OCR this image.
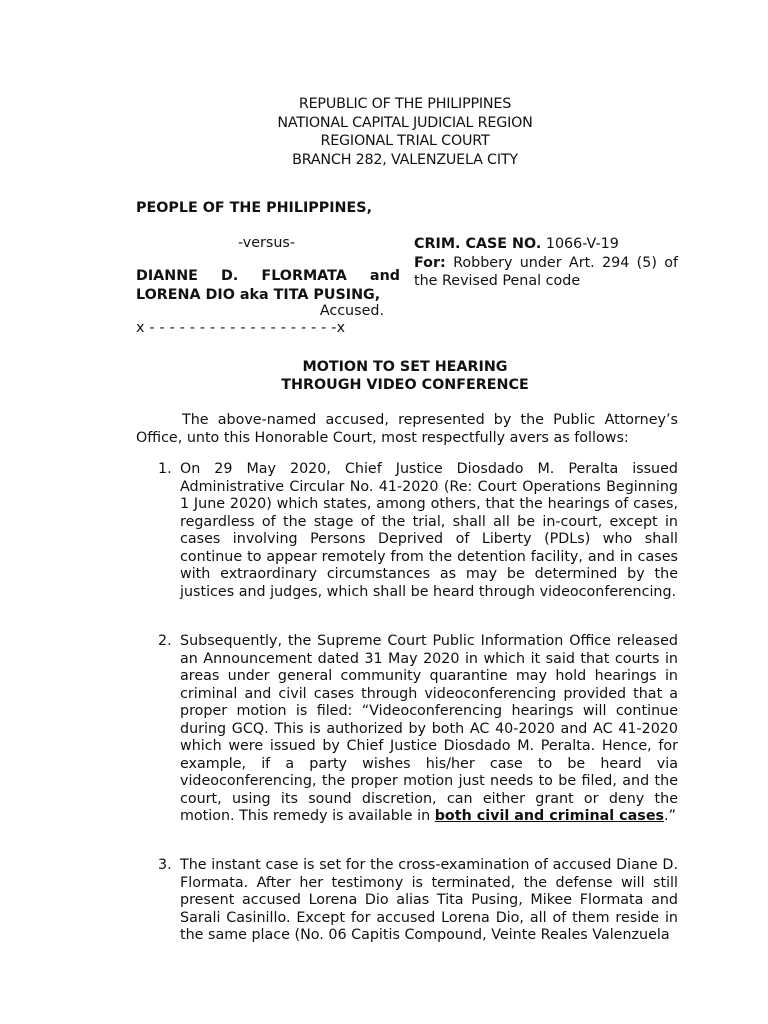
REPUBLIC OF THE PHILIPPINES
NATIONAL CAPITAL JUDICIAL REGION
REGIONAL TRIAL COURT
BRANCH 282, VALENZUELA CITY
PEOPLE OF THE PHILIPPINES,
-versus-
DIANNE D. FLORMATA and
LORENA DIO aka TITA PUSING,
Accused.
x - - - - - - - - - - - - - - - - - - -x
CRIM. CASE NO. 1066-V-19
For: Robbery under Art. 294 (5) of the Revised Penal code
MOTION TO SET HEARING
THROUGH VIDEO CONFERENCE
The above-named accused, represented by the Public Attorney’s Office, unto this Honorable Court, most respectfully avers as follows:
1. On 29 May 2020, Chief Justice Diosdado M. Peralta issued Administrative Circular No. 41-2020 (Re: Court Operations Beginning 1 June 2020) which states, among others, that the hearings of cases, regardless of the stage of the trial, shall all be in-court, except in cases involving Persons Deprived of Liberty (PDLs) who shall continue to appear remotely from the detention facility, and in cases with extraordinary circumstances as may be determined by the justices and judges, which shall be heard through videoconferencing.
2. Subsequently, the Supreme Court Public Information Office released an Announcement dated 31 May 2020 in which it said that courts in areas under general community quarantine may hold hearings in criminal and civil cases through videoconferencing provided that a proper motion is filed: “Videoconferencing hearings will continue during GCQ. This is authorized by both AC 40-2020 and AC 41-2020 which were issued by Chief Justice Diosdado M. Peralta. Hence, for example, if a party wishes his/her case to be heard via videoconferencing, the proper motion just needs to be filed, and the court, using its sound discretion, can either grant or deny the motion. This remedy is available in both civil and criminal cases.”
3. The instant case is set for the cross-examination of accused Diane D. Flormata. After her testimony is terminated, the defense will still present accused Lorena Dio alias Tita Pusing, Mikee Flormata and Sarali Casinillo. Except for accused Lorena Dio, all of them reside in the same place (No. 06 Capitis Compound, Veinte Reales Valenzuela
